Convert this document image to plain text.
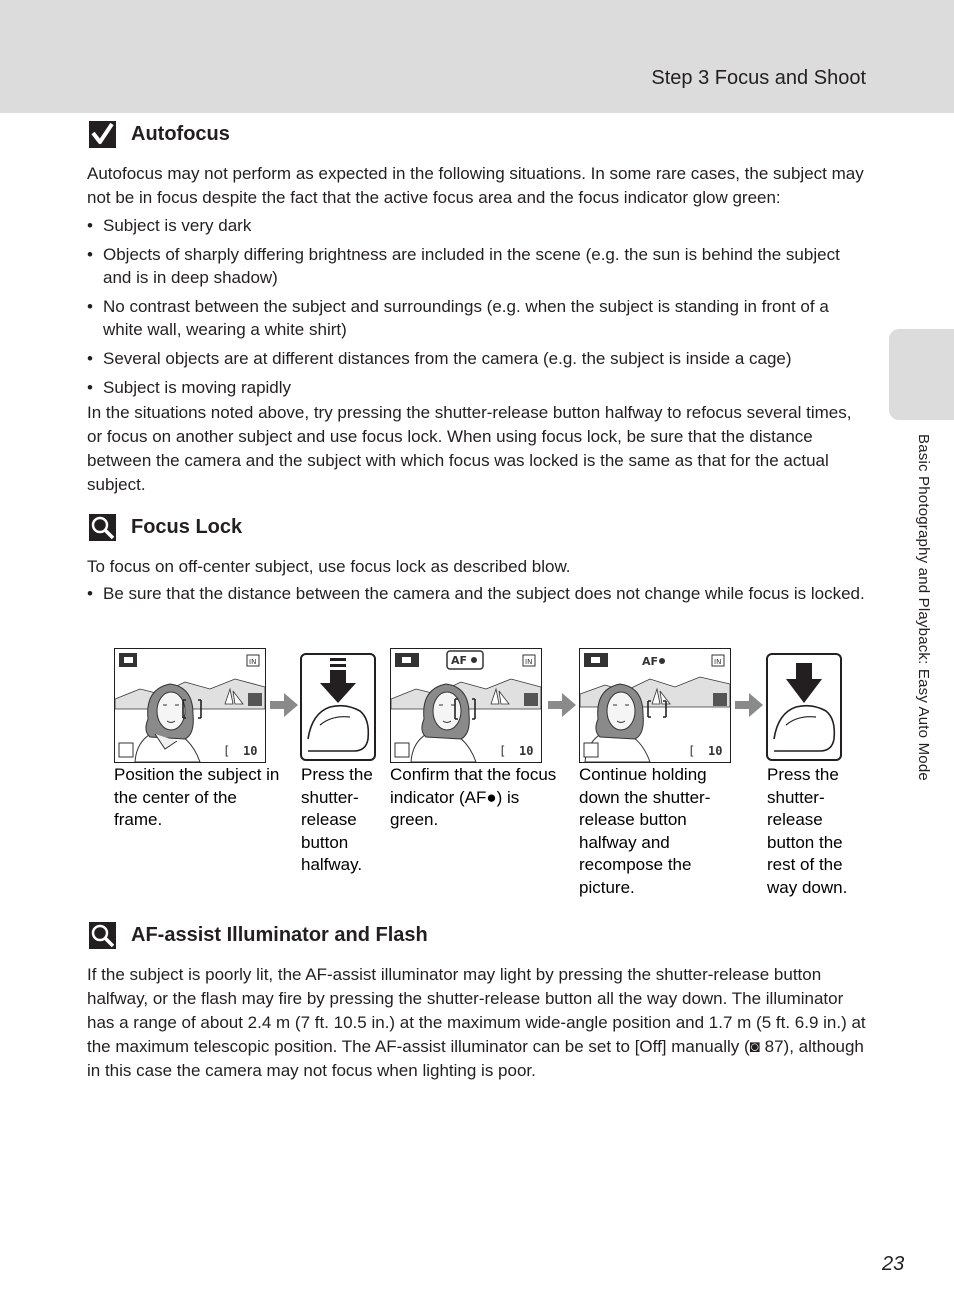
Step 3 Focus and Shoot
Basic Photography and Playback: Easy Auto Mode
Autofocus

Autofocus may not perform as expected in the following situations. In some rare cases, the subject may not be in focus despite the fact that the active focus area and the focus indicator glow green:

• Subject is very dark
• Objects of sharply differing brightness are included in the scene (e.g. the sun is behind the subject and is in deep shadow)
• No contrast between the subject and surroundings (e.g. when the subject is standing in front of a white wall, wearing a white shirt)
• Several objects are at different distances from the camera (e.g. the subject is inside a cage)
• Subject is moving rapidly

In the situations noted above, try pressing the shutter-release button halfway to refocus several times, or focus on another subject and use focus lock. When using focus lock, be sure that the distance between the camera and the subject with which focus was locked is the same as that for the actual subject.

Focus Lock

To focus on off-center subject, use focus lock as described blow.

• Be sure that the distance between the camera and the subject does not change while focus is locked.
IN
[ 10
AF	IN
[ 10
AF	IN
[ 10

Position the subject in the center of the frame.

Press the shutter-release button halfway.

Confirm that the focus indicator (AF●) is green.

Continue holding down the shutter-release button halfway and recompose the picture.

Press the shutter-release button the rest of the way down.

AF-assist Illuminator and Flash

If the subject is poorly lit, the AF-assist illuminator may light by pressing the shutter-release button halfway, or the flash may fire by pressing the shutter-release button all the way down. The illuminator has a range of about 2.4 m (7 ft. 10.5 in.) at the maximum wide-angle position and 1.7 m (5 ft. 6.9 in.) at the maximum telescopic position. The AF-assist illuminator can be set to [Off] manually (◙ 87), although in this case the camera may not focus when lighting is poor.

23
